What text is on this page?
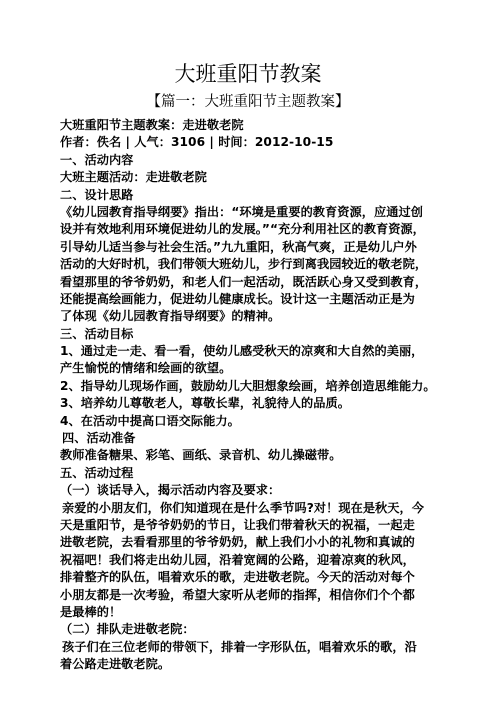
大班重阳节教案
【篇一：大班重阳节主题教案】
大班重阳节主题教案：走进敬老院
作者：佚名 | 人气：3106 | 时间：2012-10-15
一、活动内容
大班主题活动：走进敬老院
二、设计思路
《幼儿园教育指导纲要》指出：“环境是重要的教育资源，应通过创
设并有效地利用环境促进幼儿的发展。”“充分利用社区的教育资源，
引导幼儿适当参与社会生活。”九九重阳，秋高气爽，正是幼儿户外
活动的大好时机，我们带领大班幼儿，步行到离我园较近的敬老院，
看望那里的爷爷奶奶，和老人们一起活动，既活跃心身又受到教育，
还能提高绘画能力，促进幼儿健康成长。设计这一主题活动正是为
了体现《幼儿园教育指导纲要》的精神。
三、活动目标
1、通过走一走、看一看，使幼儿感受秋天的凉爽和大自然的美丽，
产生愉悦的情绪和绘画的欲望。
2、指导幼儿现场作画，鼓励幼儿大胆想象绘画，培养创造思维能力。
3、培养幼儿尊敬老人，尊敬长辈，礼貌待人的品质。
4、在活动中提高口语交际能力。
四、活动准备
教师准备糖果、彩笔、画纸、录音机、幼儿操磁带。
五、活动过程
（一）谈话导入，揭示活动内容及要求：
亲爱的小朋友们，你们知道现在是什么季节吗?对！现在是秋天，今
天是重阳节，是爷爷奶奶的节日，让我们带着秋天的祝福，一起走
进敬老院，去看看那里的爷爷奶奶，献上我们小小的礼物和真诚的
祝福吧！我们将走出幼儿园，沿着宽阔的公路，迎着凉爽的秋风，
排着整齐的队伍，唱着欢乐的歌，走进敬老院。今天的活动对每个
小朋友都是一次考验，希望大家听从老师的指挥，相信你们个个都
是最棒的！
（二）排队走进敬老院：
孩子们在三位老师的带领下，排着一字形队伍，唱着欢乐的歌，沿
着公路走进敬老院。
